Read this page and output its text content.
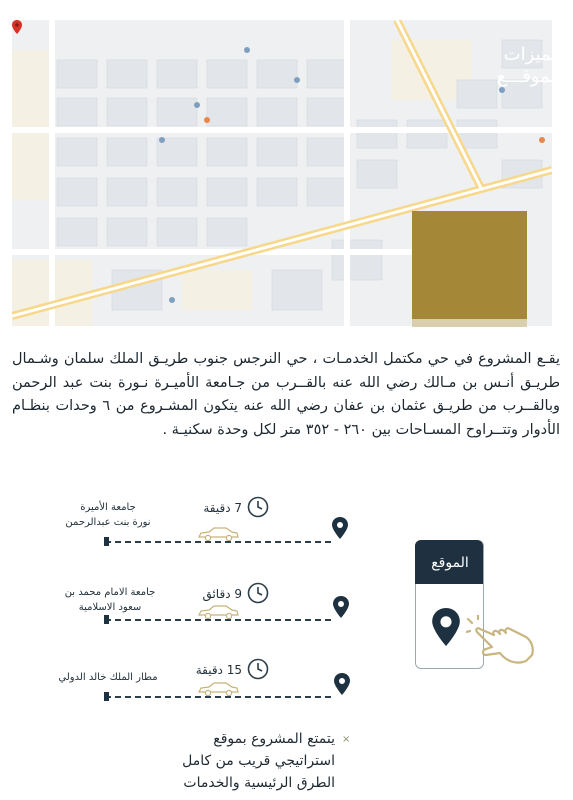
مميزات
الموقـــع
يقـع المشروع في حي مكتمل الخدمـات ، حي النرجس جنوب طريـق الملك سلمان وشـمال طريـق أنـس بن مـالك رضي الله عنه بالقــرب من جـامعة الأميـرة نـورة بنت عبد الرحمن وبالقــرب من طريـق عثمان بن عفان رضي الله عنه يتكون المشـروع من ٦ وحدات بنظـام الأدوار وتتــراوح المسـاحات بين ٢٦٠ - ٣٥٢ متر لكل وحدة سكنيـة .
7 دقيقة
جامعة الأميرة
نورة بنت عبدالرحمن
9 دقائق
جامعة الامام محمد بن
سعود الاسلامية
15 دقيقة
مطار الملك خالد الدولي
الموقع
×
يتمتع المشروع بموقع استراتيجي قريب من كامل الطرق الرئيسية والخدمات
